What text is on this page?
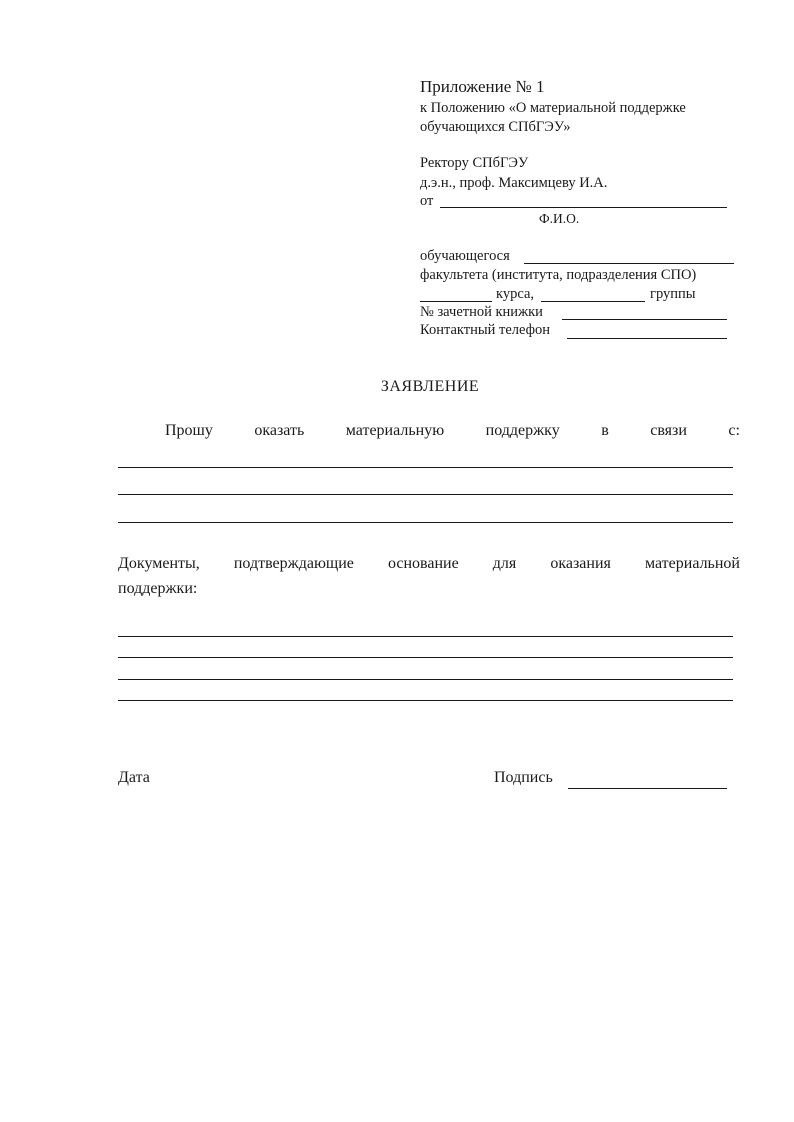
Приложение № 1
к Положению «О материальной поддержке
обучающихся СПбГЭУ»
Ректору СПбГЭУ
д.э.н., проф. Максимцеву И.А.
от
Ф.И.О.
обучающегося
факультета (института, подразделения СПО)
курса,	группы
№ зачетной книжки
Контактный телефон
ЗАЯВЛЕНИЕ
Прошу	оказать	материальную	поддержку	в	связи	с:
Документы, подтверждающие основание для оказания материальной
поддержки:
Дата	Подпись
